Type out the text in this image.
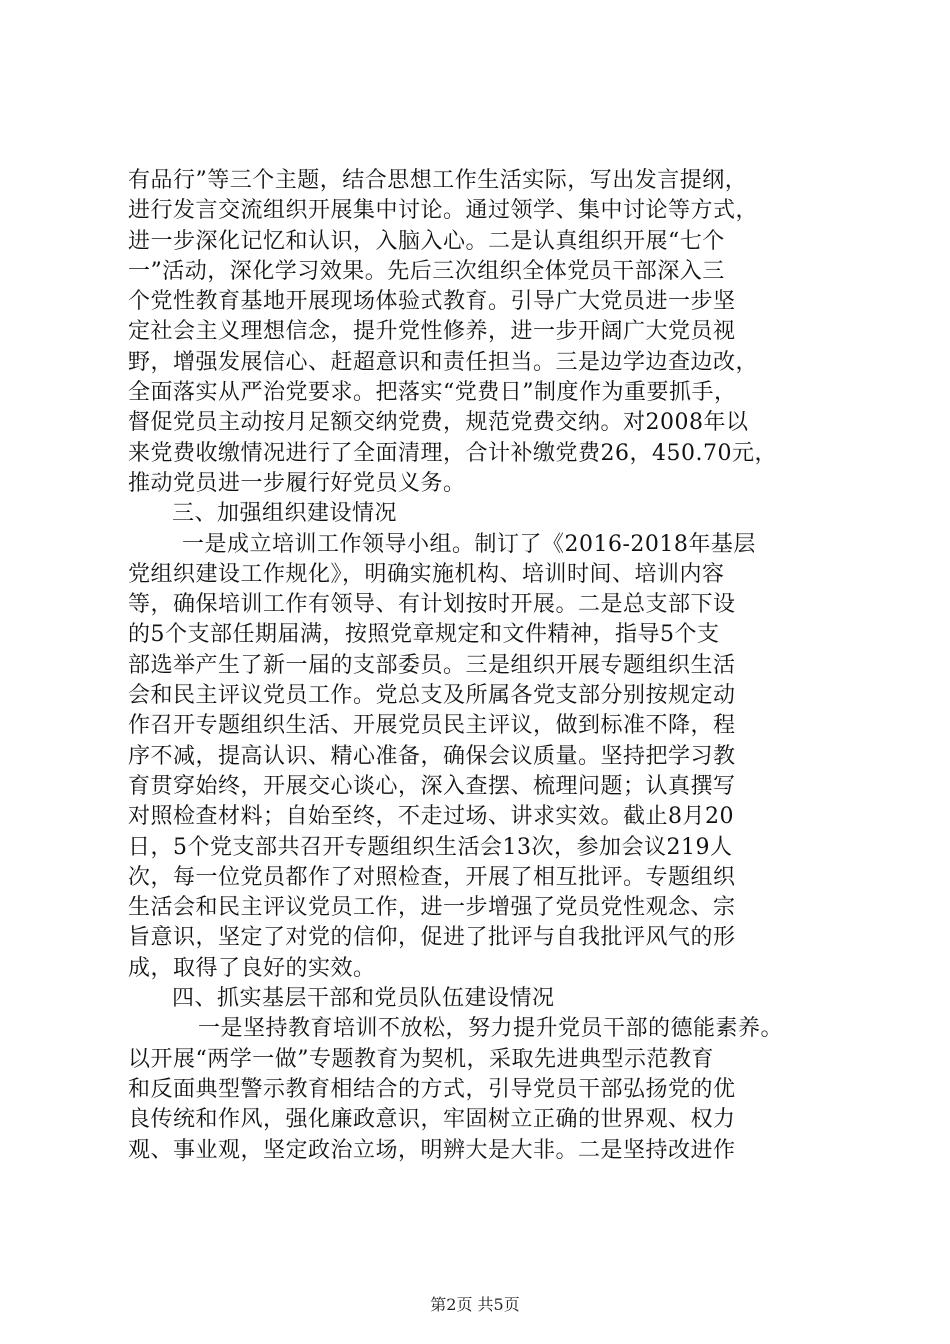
有品行”等三个主题，结合思想工作生活实际，写出发言提纲，
进行发言交流组织开展集中讨论。通过领学、集中讨论等方式，
进一步深化记忆和认识，入脑入心。二是认真组织开展“七个
一”活动，深化学习效果。先后三次组织全体党员干部深入三
个党性教育基地开展现场体验式教育。引导广大党员进一步坚
定社会主义理想信念，提升党性修养，进一步开阔广大党员视
野，增强发展信心、赶超意识和责任担当。三是边学边查边改，
全面落实从严治党要求。把落实“党费日”制度作为重要抓手，
督促党员主动按月足额交纳党费，规范党费交纳。对2008年以
来党费收缴情况进行了全面清理，合计补缴党费26，450.70元，
推动党员进一步履行好党员义务。
三、加强组织建设情况
一是成立培训工作领导小组。制订了《2016-2018年基层
党组织建设工作规化》，明确实施机构、培训时间、培训内容
等，确保培训工作有领导、有计划按时开展。二是总支部下设
的5个支部任期届满，按照党章规定和文件精神，指导5个支
部选举产生了新一届的支部委员。三是组织开展专题组织生活
会和民主评议党员工作。党总支及所属各党支部分别按规定动
作召开专题组织生活、开展党员民主评议，做到标准不降，程
序不减，提高认识、精心准备，确保会议质量。坚持把学习教
育贯穿始终，开展交心谈心，深入查摆、梳理问题；认真撰写
对照检查材料；自始至终，不走过场、讲求实效。截止8月20
日，5个党支部共召开专题组织生活会13次，参加会议219人
次，每一位党员都作了对照检查，开展了相互批评。专题组织
生活会和民主评议党员工作，进一步增强了党员党性观念、宗
旨意识，坚定了对党的信仰，促进了批评与自我批评风气的形
成，取得了良好的实效。
四、抓实基层干部和党员队伍建设情况
一是坚持教育培训不放松，努力提升党员干部的德能素养。
以开展“两学一做”专题教育为契机，采取先进典型示范教育
和反面典型警示教育相结合的方式，引导党员干部弘扬党的优
良传统和作风，强化廉政意识，牢固树立正确的世界观、权力
观、事业观，坚定政治立场，明辨大是大非。二是坚持改进作
第2页 共5页
